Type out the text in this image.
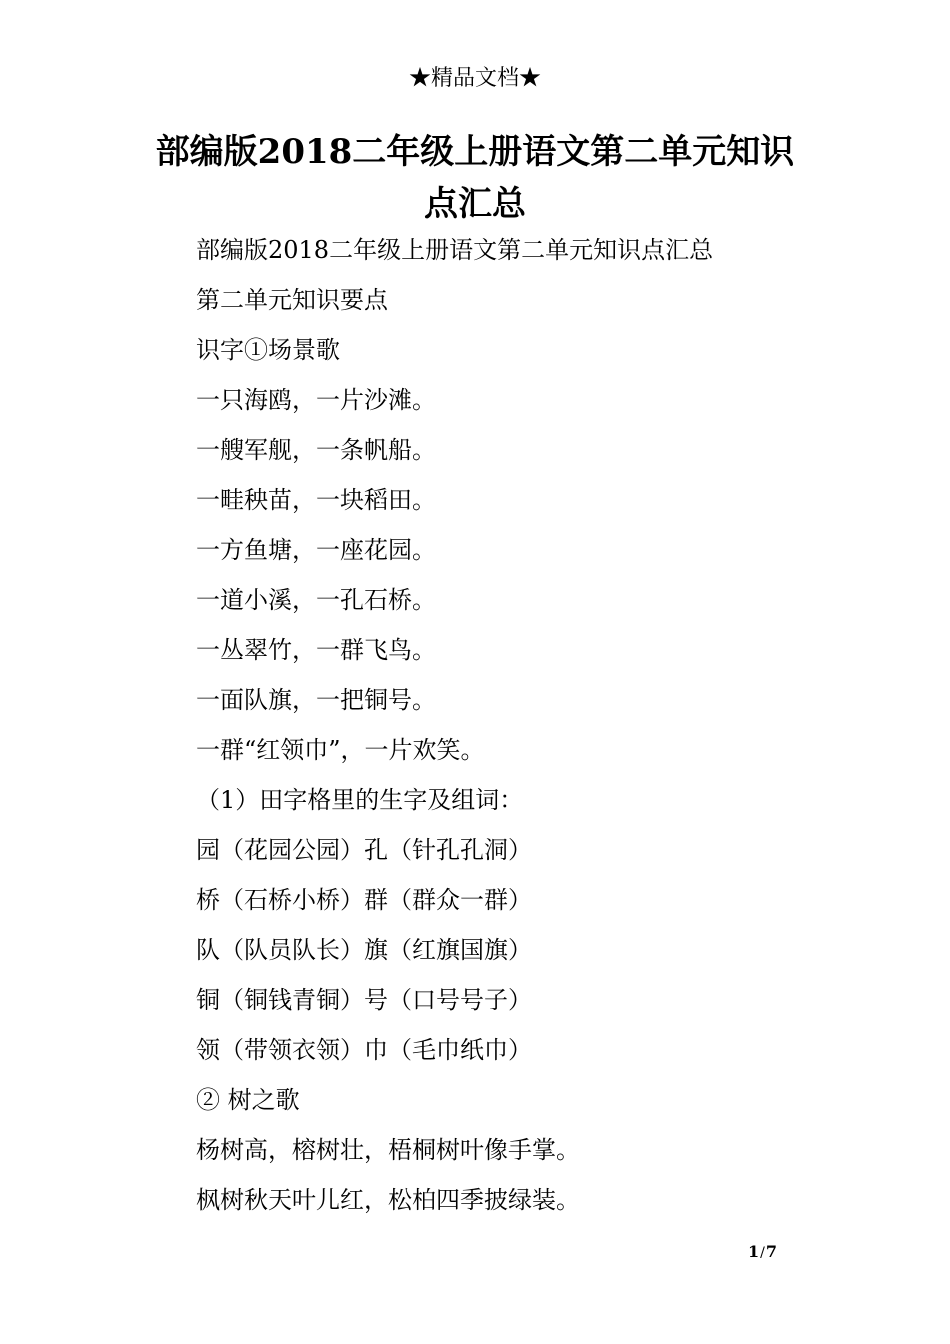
★精品文档★
部编版2018二年级上册语文第二单元知识点汇总
部编版2018二年级上册语文第二单元知识点汇总
第二单元知识要点
识字①场景歌
一只海鸥，一片沙滩。
一艘军舰，一条帆船。
一畦秧苗，一块稻田。
一方鱼塘，一座花园。
一道小溪，一孔石桥。
一丛翠竹，一群飞鸟。
一面队旗，一把铜号。
一群“红领巾”，一片欢笑。
（1）田字格里的生字及组词：
园（花园公园）孔（针孔孔洞）
桥（石桥小桥）群（群众一群）
队（队员队长）旗（红旗国旗）
铜（铜钱青铜）号（口号号子）
领（带领衣领）巾（毛巾纸巾）
② 树之歌
杨树高，榕树壮，梧桐树叶像手掌。
枫树秋天叶儿红，松柏四季披绿装。
1/7
